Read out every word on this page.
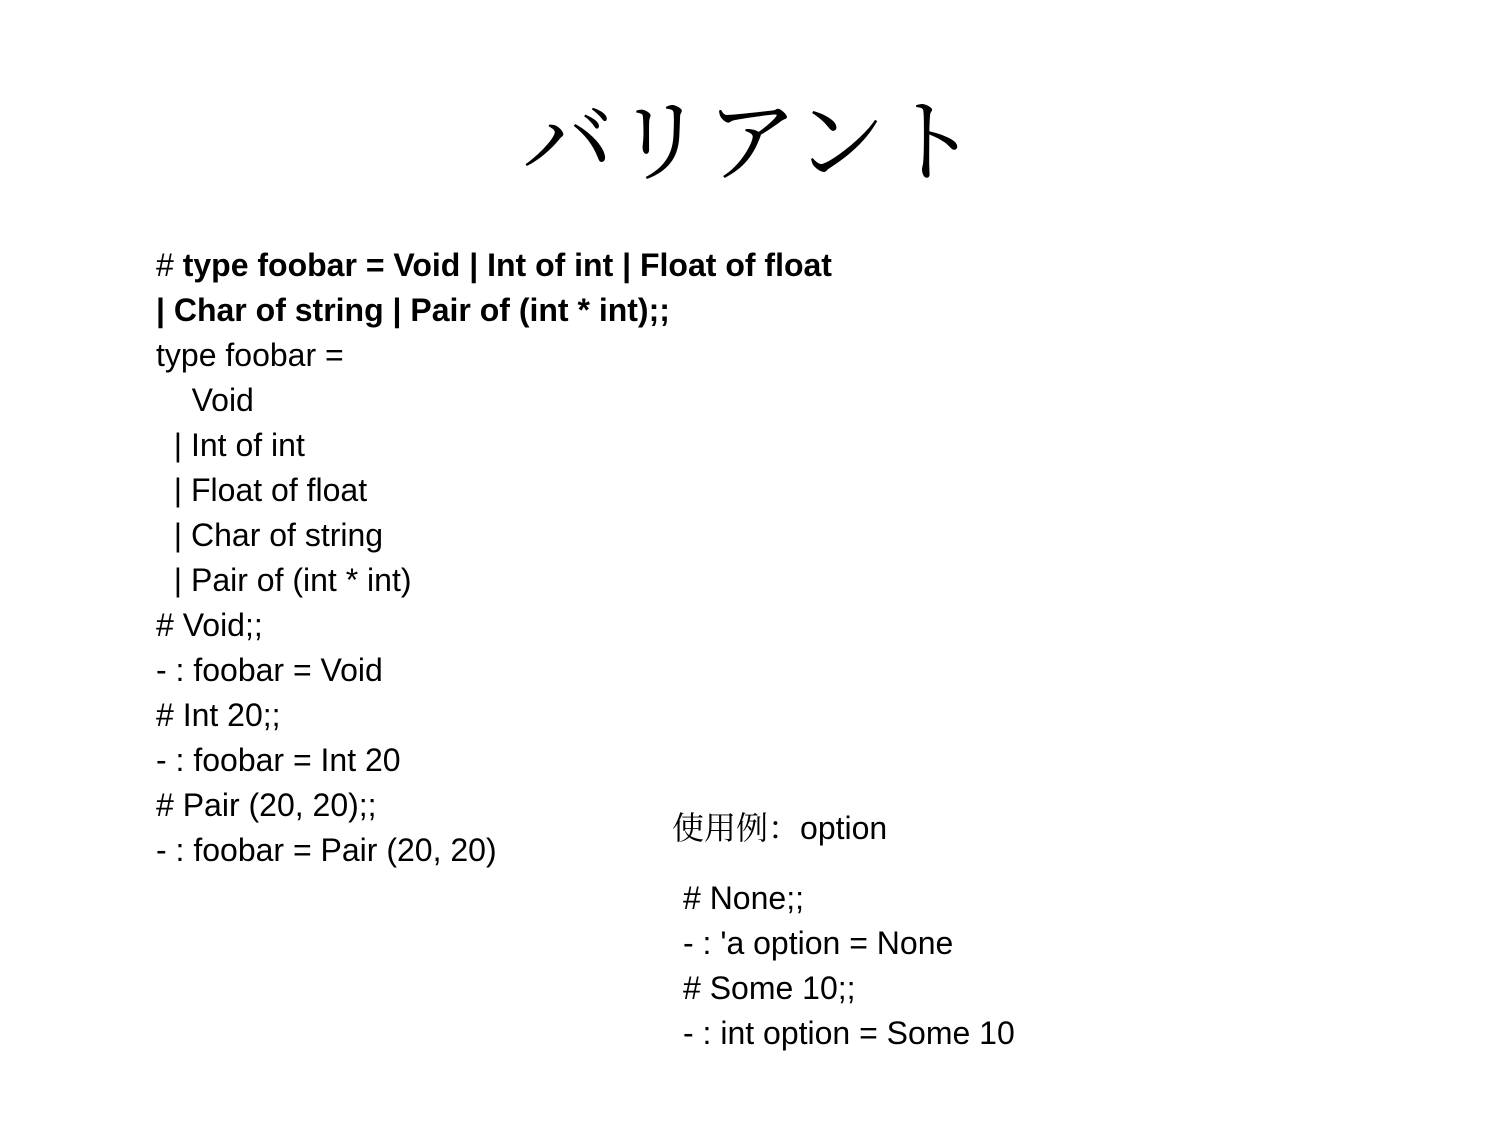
バリアント
# type foobar = Void | Int of int | Float of float
| Char of string | Pair of (int * int);;
type foobar =
Void
| Int of int
| Float of float
| Char of string
| Pair of (int * int)
# Void;;
- : foobar = Void
# Int 20;;
- : foobar = Int 20
# Pair (20, 20);;
- : foobar = Pair (20, 20)
使用例：option
# None;;
- : 'a option = None
# Some 10;;
- : int option = Some 10
